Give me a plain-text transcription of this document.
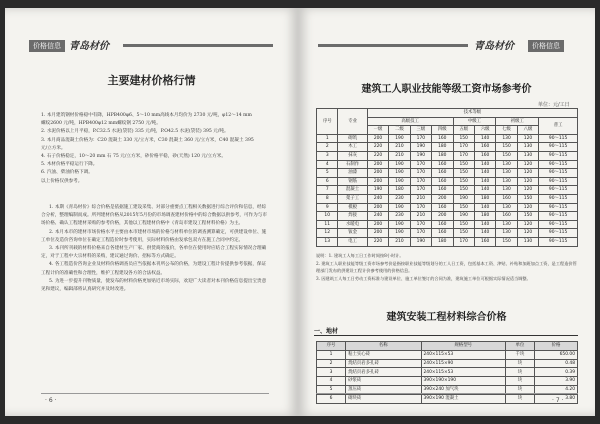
价格信息 青岛材价
主要建材价格行情

1. 本月建筑钢材价格稳中有降，HPB400φ6、5～10 mm高线本月均价为 2730 元/吨，φ12～14 mm

螺纹2600 元/吨，HPB400φ12 mm螺纹钢 2750 元/吨。

2. 水泥价格以上月平稳，P.C32.5 水泥(袋装) 335 元/吨，P.O42.5 水泥(袋装) 395 元/吨。

3. 本月商品混凝土价格为：C20 混凝土 330 元/立方米，C30 混凝土 360 元/立方米，C40 混凝土 395

元/立方米。

4. 石子价格稳定，10～20 mm 石 75 元/立方米，砂价格平稳，砂(天然) 120 元/立方米。

5. 木材价格平稳运行下降。

6. 汽油、柴油价格下调。

以上价格仅供参考。

1. 本期《青岛材价》综合价格是依据施工建设采集、对部分重要点工程相关数据进行综合评价和信息，经综合分析，整理编制而成。所列建材价格从2015年5月份的市场调查建材价格中的综合数据以供参考，可作为与市场价格、确认工程建材采购的参考价格，其他以工程建材价格中《青岛市建设工程材料价格》为主。

2. 本月本市的建材市场价格水平主要由本市建材市场的价格与材料单位的调查测算确定，可供建设单位、施工单位及造价咨询单位在确定工程造价时参考使用，实际材料价格由发承包双方在施工合同中约定。

3. 本刊所刊载的材料价格来自各建材生产厂家、供货商的报价，各单位在使用时应结合工程实际情况合理确定，对于工程中大宗材料的采购，建议通过询价、招标等方式确定。

4. 各工程造价咨询企业及材料价格调查员应当依据本刊所公布的价格，为建设工程计价提供参考依据，保证工程计价的准确性和合理性，维护工程建设各方的合法权益。

5. 为进一步提升刊物质量，使发布的材料价格更加贴近市场实际，欢迎广大读者对本刊价格信息提出宝贵意见和建议，编辑部将认真研究并及时改进。

· 6 ·
青岛材价	价格信息
建筑工人职业技能等级工资市场参考价
单位：元/工日
序号	专业	技术等级								
		高级技工				中级工		初级工		普工
		一级	二级	三级	四级	五级	六级	七级	八级	
1	砌筑	200	190	170	160	150	140	130	120	90～115
2	木工	220	210	190	180	170	160	150	130	90～115
3	抹灰	220	210	190	180	170	160	150	130	90～115
4	石制作	200	190	170	160	150	140	130	120	90～115
5	油漆	200	190	170	160	150	140	130	120	90～115
6	钢筋	200	190	170	160	150	140	130	120	90～115
7	混凝土	190	180	170	160	150	140	130	120	90～115
8	架子工	240	230	210	200	190	180	160	150	90～115
9	模板	200	190	170	160	150	140	130	120	90～115
10	焊接	240	230	210	200	190	180	160	150	90～115
11	水暖电	200	190	170	160	150	140	130	120	90～115
12	钣金	200	190	170	160	150	140	130	120	90～115
13	电工	220	210	190	180	170	160	150	130	90～115

说明：1. 建筑工人每工日工作时间按8小时计。

2. 建筑工人职业技能等级工资市场参考价是指按职业技能等级划分的工人日工资，包括基本工资、津贴、补贴和加班加点工资，是工程造价管理部门发布的供建设工程计价参考使用的价格信息。

3. 因建筑工人每工日劳动工资标准与建设单位、施工单位签订的合同为准，建筑施工单位可根据实际情况适当调整。

建筑安装工程材料综合价格
一、地材
序号	名称	规格型号	单位	价格
1	粘土实心砖	240×115×53	千块	650.00
2	烧结页岩多孔砖	240×115×90	块	0.48
3	烧结页岩多孔砖	240×115×53	块	0.39
4	砂浆砖	390×190×190	块	3.90
5	蒸压砖	390×240 加气块	块	4.20
6	砌块砖	390×190 混凝土	块	3.80
· 7 ·
